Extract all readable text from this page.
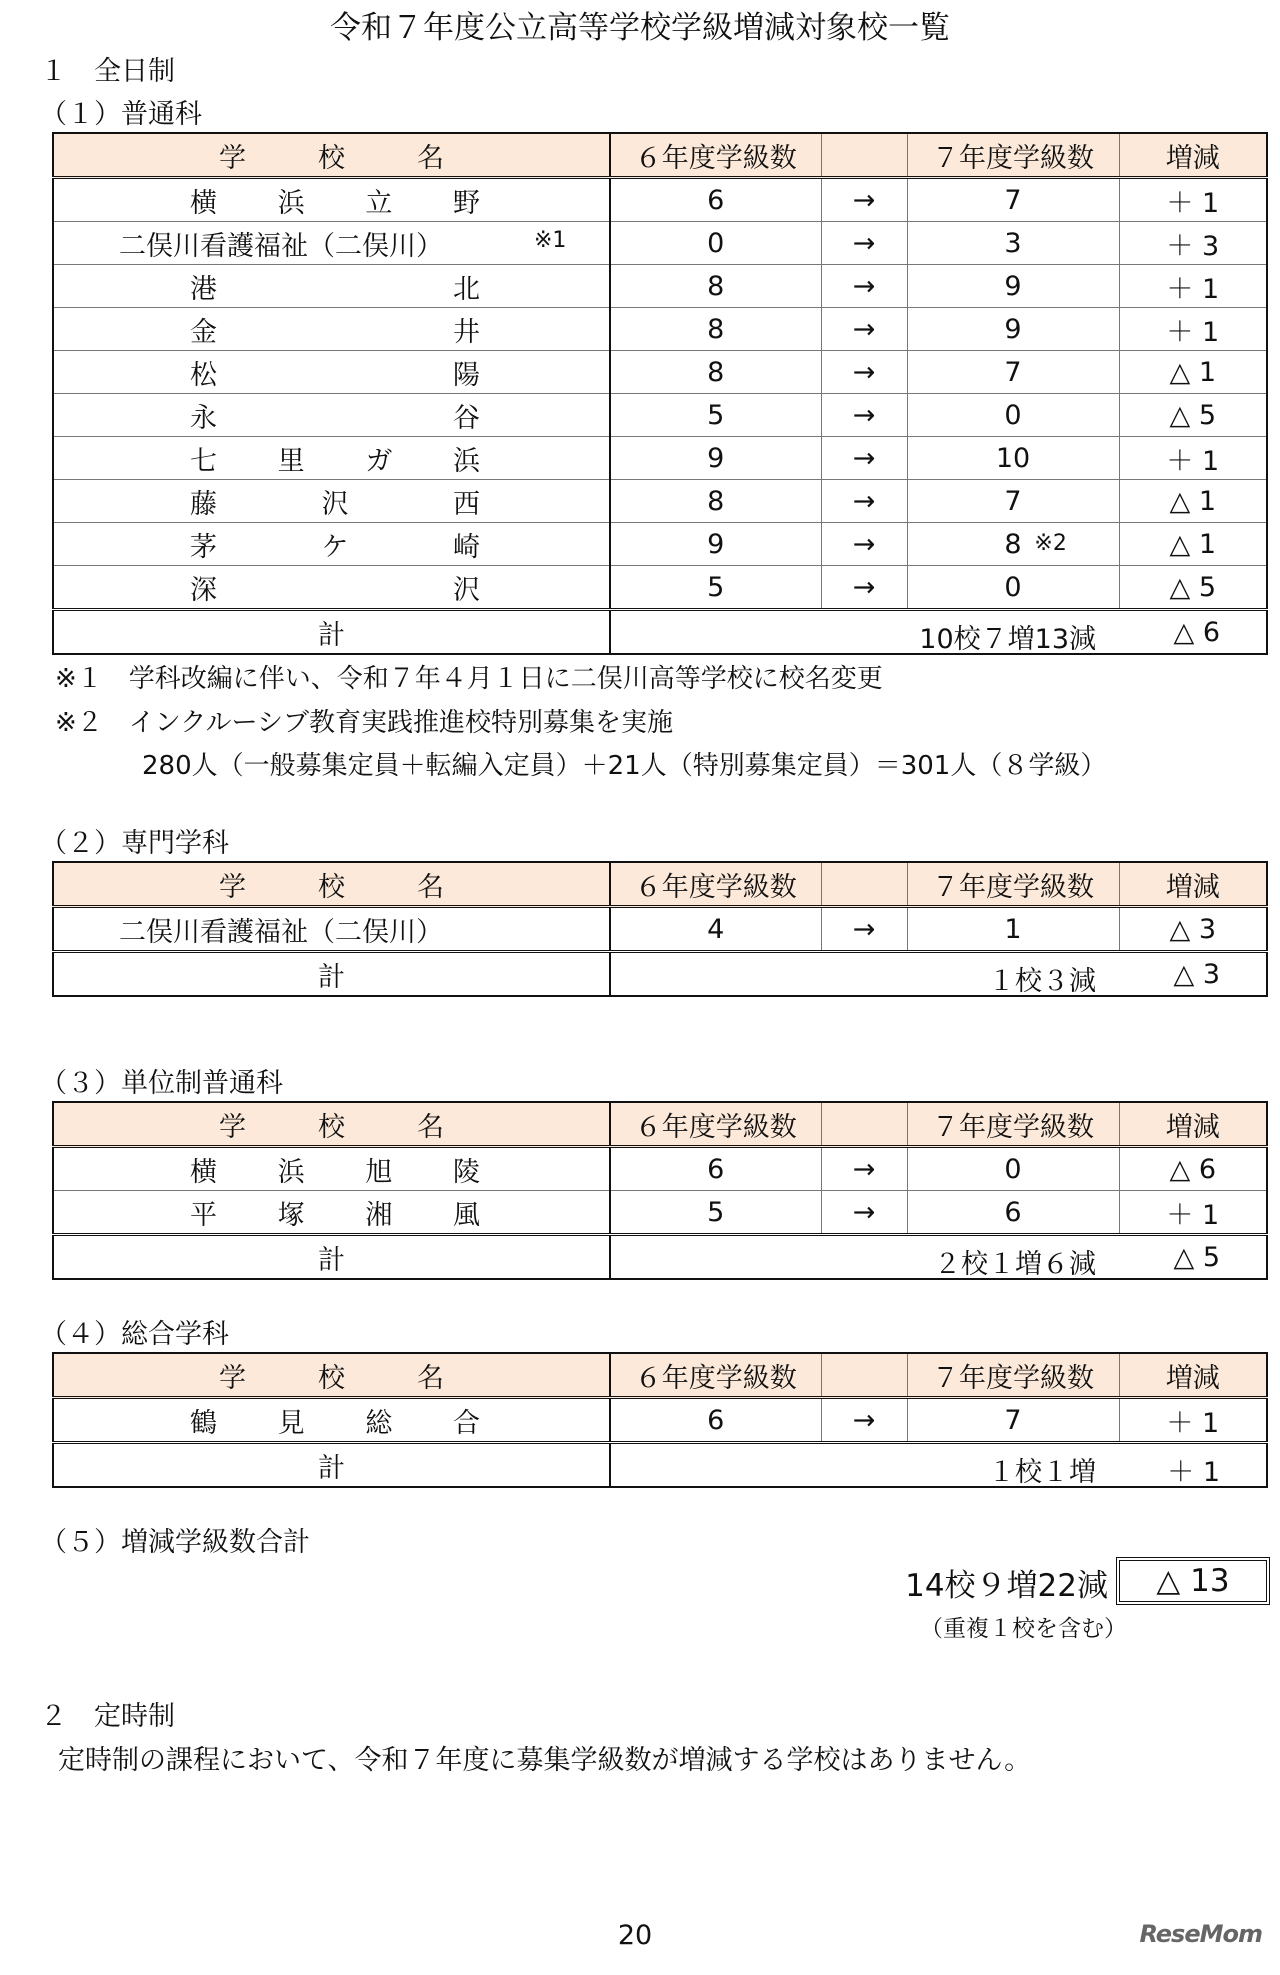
令和７年度公立高等学校学級増減対象校一覧
１　全日制
（１）普通科
学 校 名	６年度学級数		７年度学級数	増減

横 浜 立 野	6	→	7	＋ 1

二俣川看護福祉（二俣川） ※1	0	→	3	＋ 3

港 北	8	→	9	＋ 1

金 井	8	→	9	＋ 1

松 陽	8	→	7	△ 1

永 谷	5	→	0	△ 5

七 里 ガ 浜	9	→	10	＋ 1

藤 沢 西	8	→	7	△ 1

茅 ケ 崎	9	→	8 ※2	△ 1

深 沢	5	→	0	△ 5
計	10校７増13減 △ 6			
（２）専門学科
学 校 名	６年度学級数		７年度学級数	増減

二俣川看護福祉（二俣川）	4	→	1	△ 3
計	１校３減 △ 3			
（３）単位制普通科
学 校 名	６年度学級数		７年度学級数	増減

横 浜 旭 陵	6	→	0	△ 6

平 塚 湘 風	5	→	6	＋ 1
計	２校１増６減 △ 5			
（４）総合学科
学 校 名	６年度学級数		７年度学級数	増減

鶴 見 総 合	6	→	7	＋ 1
計	１校１増 ＋ 1			
※１　学科改編に伴い、令和７年４月１日に二俣川高等学校に校名変更
※２　インクルーシブ教育実践推進校特別募集を実施
280人（一般募集定員＋転編入定員）＋21人（特別募集定員）＝301人（８学級）
（５）増減学級数合計
14校９増22減	△ 13
（重複１校を含む）
２　定時制
定時制の課程において、令和７年度に募集学級数が増減する学校はありません。
20	ReseMom
